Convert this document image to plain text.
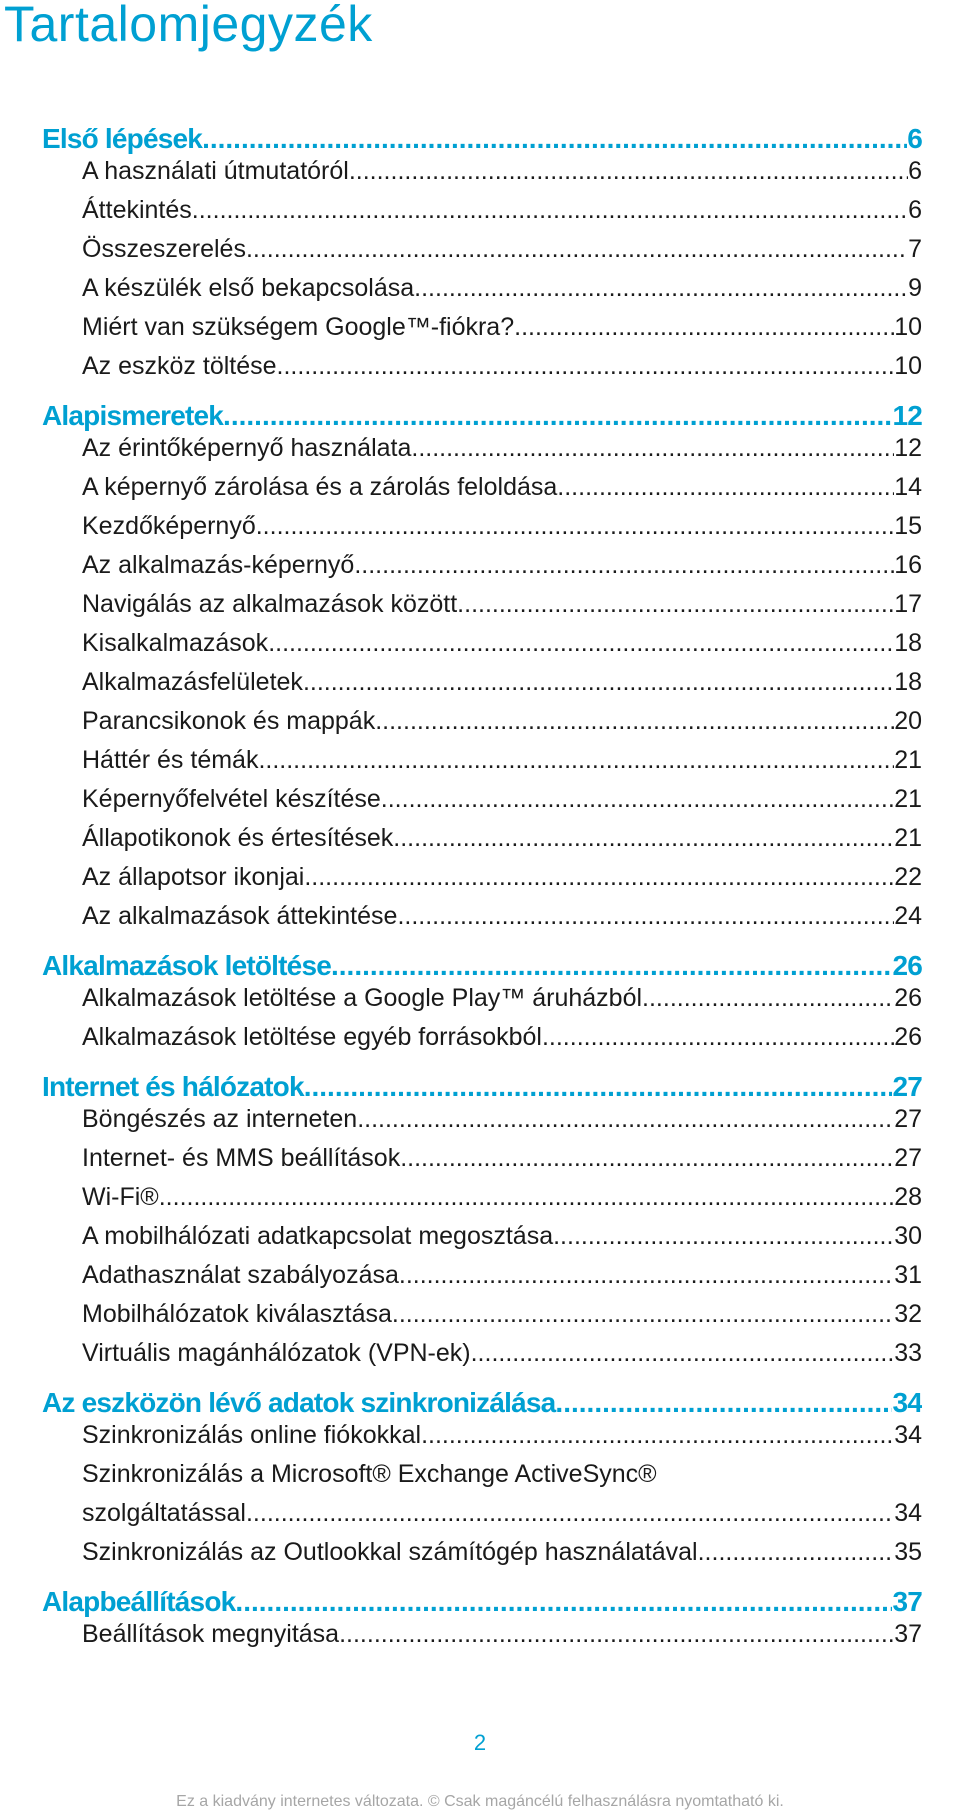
Tartalomjegyzék
Első lépések .....	6
A használati útmutatóról .....	6
Áttekintés .....	6
Összeszerelés .....	7
A készülék első bekapcsolása .....	9
Miért van szükségem Google™-fiókra? .....	10
Az eszköz töltése .....	10
Alapismeretek .....	12
Az érintőképernyő használata .....	12
A képernyő zárolása és a zárolás feloldása .....	14
Kezdőképernyő .....	15
Az alkalmazás-képernyő .....	16
Navigálás az alkalmazások között .....	17
Kisalkalmazások .....	18
Alkalmazásfelületek .....	18
Parancsikonok és mappák .....	20
Háttér és témák .....	21
Képernyőfelvétel készítése .....	21
Állapotikonok és értesítések .....	21
Az állapotsor ikonjai .....	22
Az alkalmazások áttekintése .....	24
Alkalmazások letöltése .....	26
Alkalmazások letöltése a Google Play™ áruházból .....	26
Alkalmazások letöltése egyéb forrásokból .....	26
Internet és hálózatok .....	27
Böngészés az interneten .....	27
Internet- és MMS beállítások .....	27
Wi-Fi® .....	28
A mobilhálózati adatkapcsolat megosztása .....	30
Adathasználat szabályozása .....	31
Mobilhálózatok kiválasztása .....	32
Virtuális magánhálózatok (VPN-ek) .....	33
Az eszközön lévő adatok szinkronizálása .....	34
Szinkronizálás online fiókokkal .....	34
Szinkronizálás a Microsoft® Exchange ActiveSync®
szolgáltatással .....	34
Szinkronizálás az Outlookkal számítógép használatával .....	35
Alapbeállítások .....	37
Beállítások megnyitása .....	37
2
Ez a kiadvány internetes változata. © Csak magáncélú felhasználásra nyomtatható ki.
